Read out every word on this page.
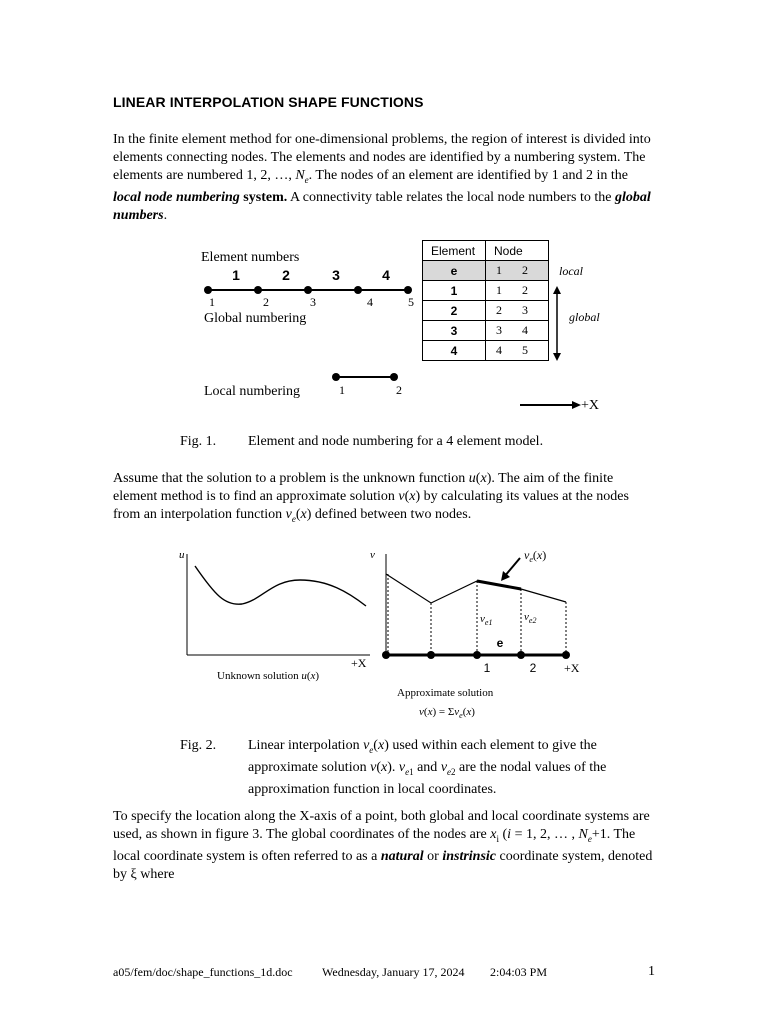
LINEAR INTERPOLATION SHAPE FUNCTIONS

In the finite element method for one-dimensional problems, the region of interest is divided into elements connecting nodes. The elements and nodes are identified by a numbering system. The elements are numbered 1, 2, …, $N_e$. The nodes of an element are identified by 1 and 2 in the local node numbering system. A connectivity table relates the local node numbers to the global numbers.

Element numbers
1	2	3	4
1	2	3	4	5
1	2
Global numbering
Local numbering
Element	Node
e	1 2
1	1 2
2	2 3
3	3 4
4	4 5
local
global
+X
Fig. 1. Element and node numbering for a 4 element model.

Assume that the solution to a problem is the unknown function u(x). The aim of the finite element method is to find an approximate solution v(x) by calculating its values at the nodes from an interpolation function $v_e(x)$ defined between two nodes.

u
+X
v	$v_e(x)$
$v_{e1}$	$v_{e2}$
e
1	2 +X
Unknown solution u(x)
Approximate solution
$v(x) = \Sigma v_e(x)$
Fig. 2. Linear interpolation $v_e(x)$ used within each element to give the approximate solution v(x). $v_{e1}$ and $v_{e2}$ are the nodal values of the approximation function in local coordinates.

To specify the location along the X-axis of a point, both global and local coordinate systems are used, as shown in figure 3. The global coordinates of the nodes are $x_i$ (i = 1, 2, … , $N_e+1$. The local coordinate system is often referred to as a natural or instrinsic coordinate system, denoted by ξ where

a05/fem/doc/shape_functions_1d.doc Wednesday, January 17, 2024 2:04:03 PM	1
